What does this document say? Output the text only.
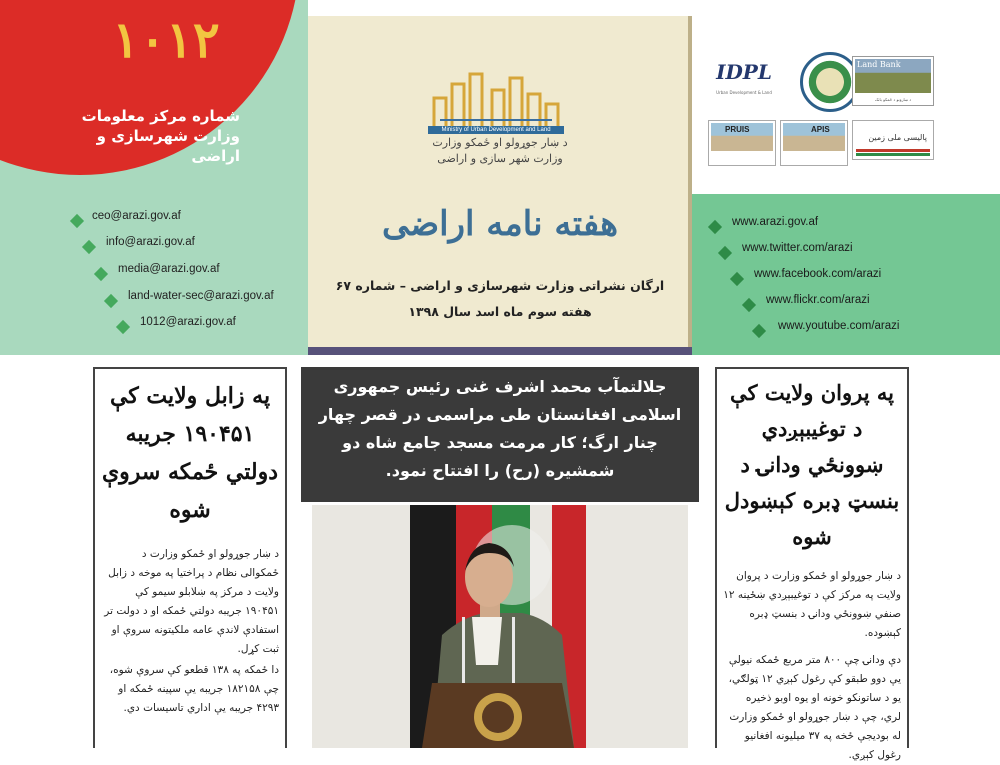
۱۰۱۲
شماره مرکز معلومات وزارت شهرسازی و اراضی
ceo@arazi.gov.af
info@arazi.gov.af
media@arazi.gov.af
land-water-sec@arazi.gov.af
1012@arazi.gov.af
Ministry of Urban Development and Land
د ښار جوړولو او ځمکو وزارت
وزارت شهر سازی و اراضی
هفته نامه اراضی
ارگان نشراتی وزارت شهرسازی و اراضی – شماره ۶۷
هفته سوم ماه اسد سال ۱۳۹۸
IDPL
Urban Development & Land
Land Bank
د ښارونو د ځمکو بانک
PRUIS	APIS
پالیسی ملی زمین
www.arazi.gov.af
www.twitter.com/arazi
www.facebook.com/arazi
www.flickr.com/arazi
www.youtube.com/arazi
په زابل ولایت کې ۱۹۰۴۵۱ جریبه دولتي ځمکه سروې شوه
د ښار جوړولو او ځمکو وزارت د ځمکوالی نظام د پراختیا په موخه د زابل ولایت د مرکز په ښلابلو سیمو کې ۱۹۰۴۵۱ جریبه دولتي ځمکه او د دولت تر استفادې لاندې عامه ملکیتونه سروې او ثبت کړل.
دا ځمکه په ۱۳۸ قطعو کې سروې شوه، چې ۱۸۲۱۵۸ جریبه یې سپینه ځمکه او ۴۲۹۳ جریبه یې اداري تاسیسات دي.
جلالتمآب محمد اشرف غنی رئیس جمهوری اسلامی افغانستان طی مراسمی در قصر چهار چنار ارگ؛ کار مرمت مسجد جامع شاه دو شمشیره (رح) را افتتاح نمود.
په پروان ولایت کې د توغیبېږدي ښوونځي ودانۍ د بنسټ ډبره کېښودل شوه
د ښار جوړولو او ځمکو وزارت د پروان ولایت په مرکز کې د توغیبېږدي ښځینه ۱۲ صنفي ښوونځي ودانۍ د بنسټ ډبره کېښوده.
دې ودانۍ چې ۸۰۰ متر مربع ځمکه نیولې یې دوو طبقو کې رغول کېږي ۱۲ ټولګي، یو د ساتونکو خونه او یوه اوبو ذخیره لري، چې د ښار جوړولو او ځمکو وزارت له بودیجې ځخه په ۳۷ میلیونه افغانیو رغول کېږي.
